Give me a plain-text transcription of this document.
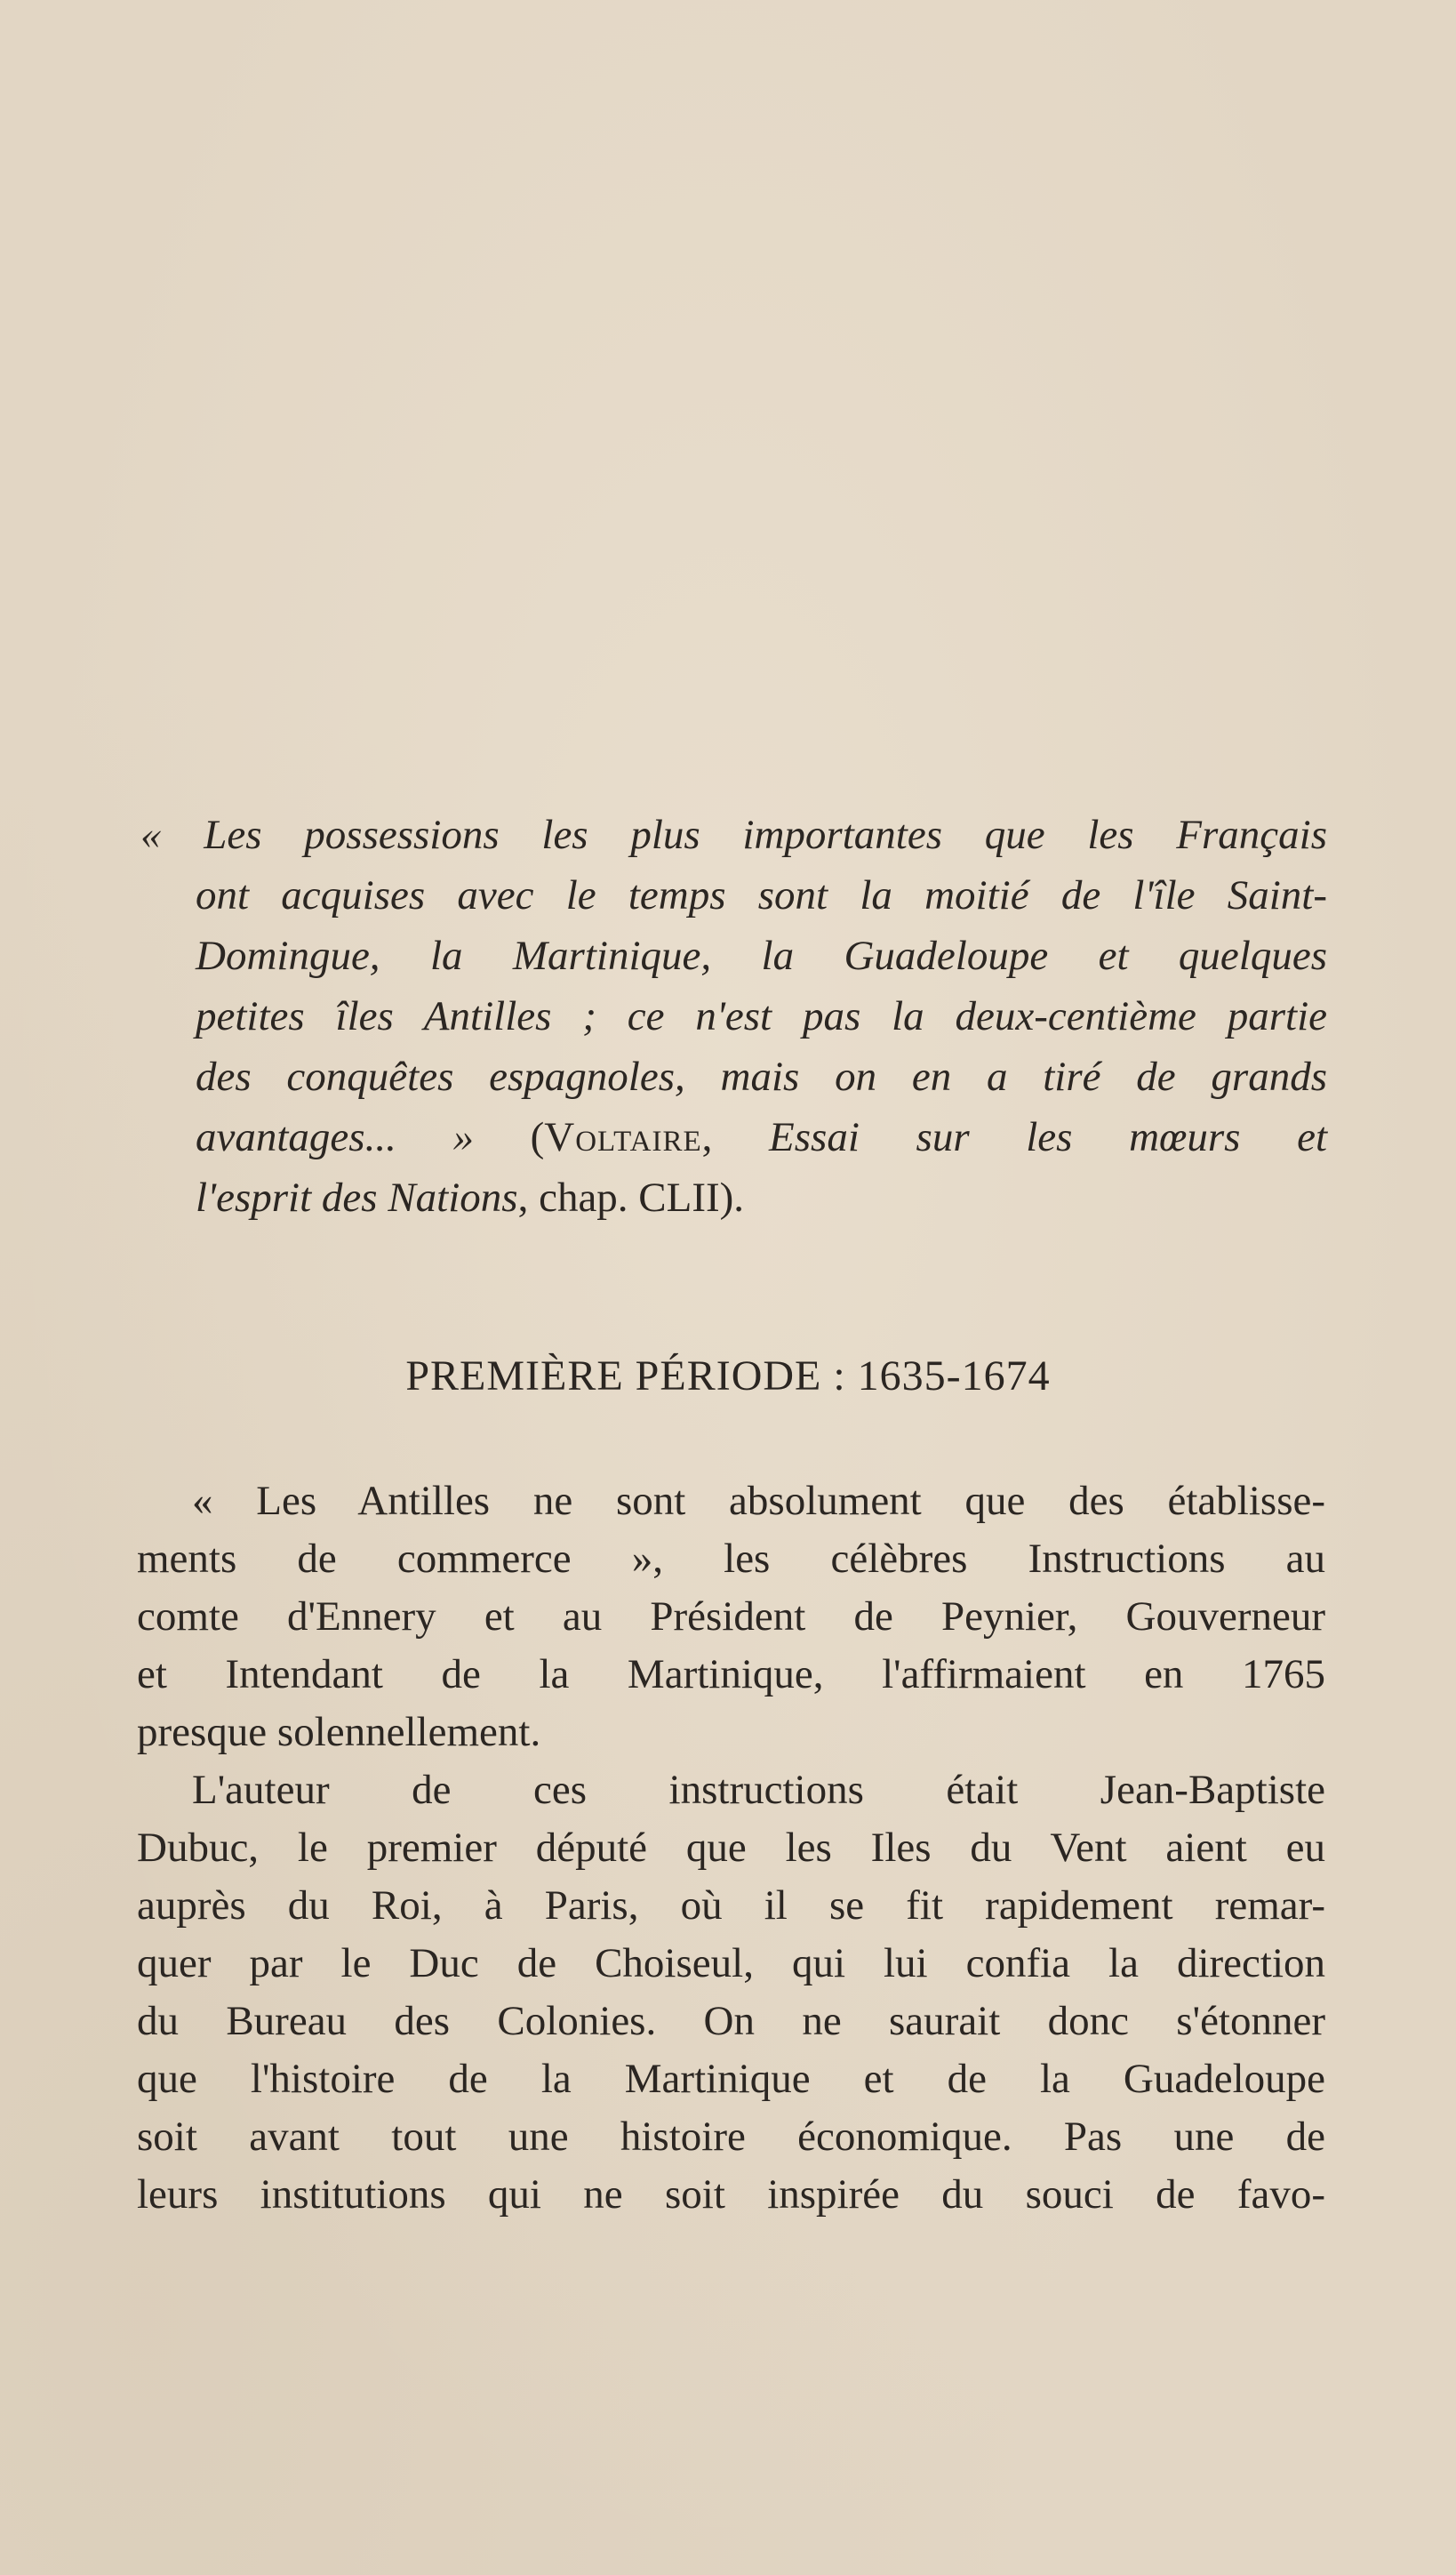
« Les possessions les plus importantes que les Français
ont acquises avec le temps sont la moitié de l'île Saint-
Domingue, la Martinique, la Guadeloupe et quelques
petites îles Antilles ; ce n'est pas la deux-centième partie
des conquêtes espagnoles, mais on en a tiré de grands
avantages... » (Voltaire, Essai sur les mœurs et
l'esprit des Nations, chap. CLII).
PREMIÈRE PÉRIODE : 1635-1674
« Les Antilles ne sont absolument que des établisse-
ments de commerce », les célèbres Instructions au
comte d'Ennery et au Président de Peynier, Gouverneur
et Intendant de la Martinique, l'affirmaient en 1765
presque solennellement.
L'auteur de ces instructions était Jean-Baptiste
Dubuc, le premier député que les Iles du Vent aient eu
auprès du Roi, à Paris, où il se fit rapidement remar-
quer par le Duc de Choiseul, qui lui confia la direction
du Bureau des Colonies. On ne saurait donc s'étonner
que l'histoire de la Martinique et de la Guadeloupe
soit avant tout une histoire économique. Pas une de
leurs institutions qui ne soit inspirée du souci de favo-
